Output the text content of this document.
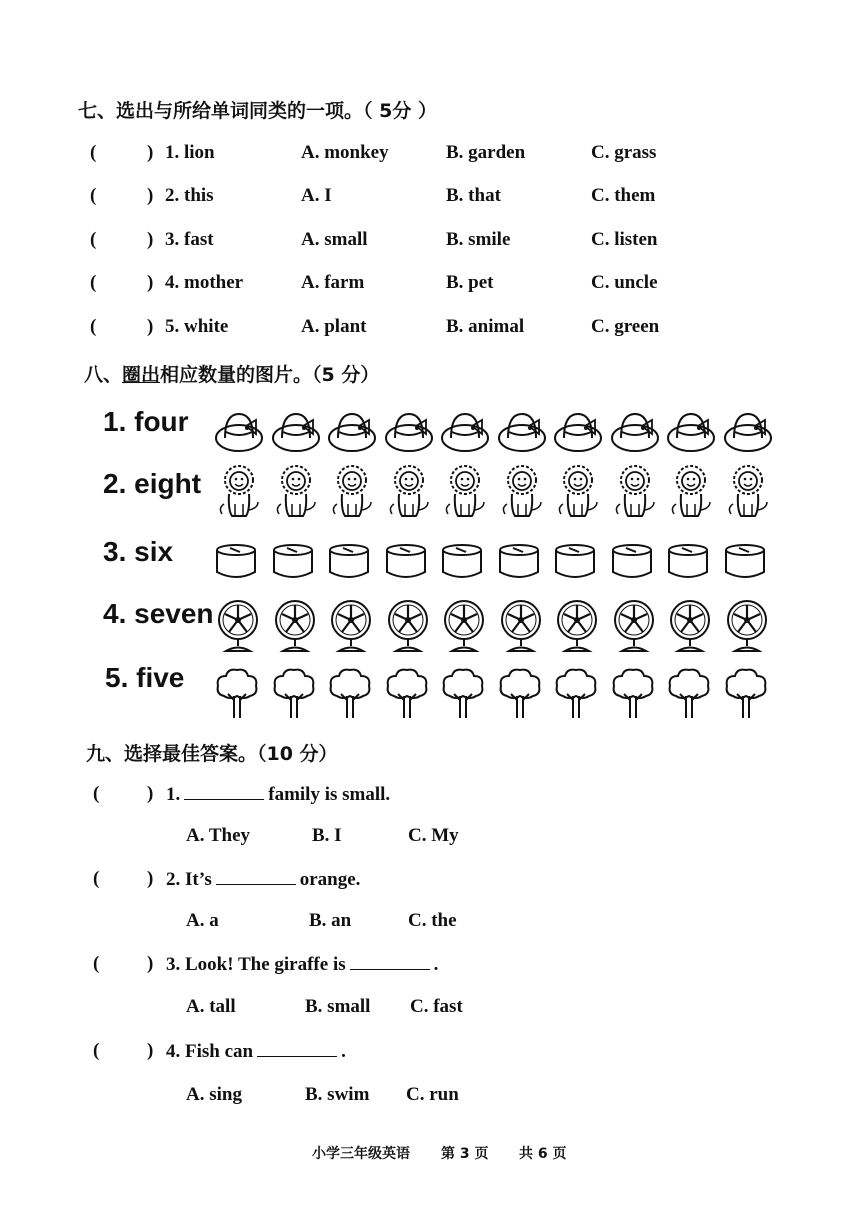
七、选出与所给单词同类的一项。（ 5分 ）
(	) 1. lion	A. monkey	B. garden	C. grass
(	) 2. this	A. I	B. that	C. them
(	) 3. fast	A. small	B. smile	C. listen
(	) 4. mother	A. farm	B. pet	C. uncle
(	) 5. white	A. plant	B. animal	C. green
八、圈出相应数量的图片。（5 分）
1. four
2. eight
3. six
4. seven
5. five
九、选择最佳答案。（10 分）
(	) 1.	family is small.
A. They	B. I	C. My
(	) 2. It’s	orange.
A. a	B. an	C. the
(	) 3. Look! The giraffe is	.
A. tall	B. small C. fast
(	) 4. Fish can	.
A. sing	B. swim C. run
小学三年级英语 第 3 页 共 6 页
